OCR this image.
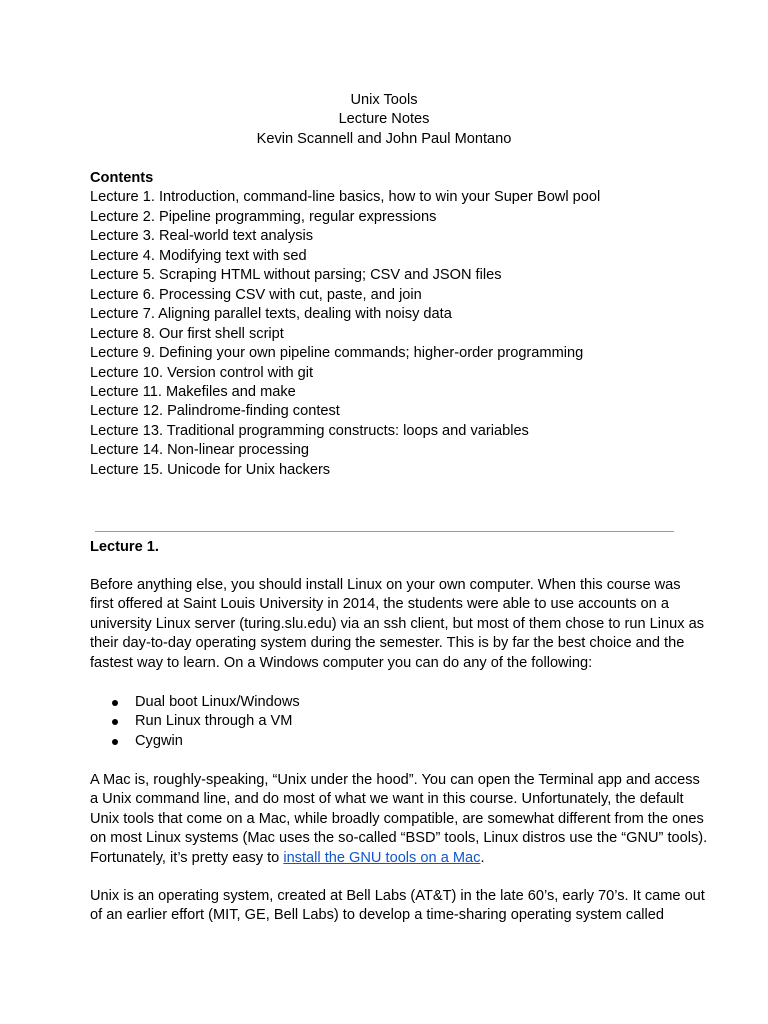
Unix Tools
Lecture Notes
Kevin Scannell and John Paul Montano
Contents
Lecture 1. Introduction, command-line basics, how to win your Super Bowl pool
Lecture 2. Pipeline programming, regular expressions
Lecture 3. Real-world text analysis
Lecture 4. Modifying text with sed
Lecture 5. Scraping HTML without parsing; CSV and JSON files
Lecture 6. Processing CSV with cut, paste, and join
Lecture 7. Aligning parallel texts, dealing with noisy data
Lecture 8. Our first shell script
Lecture 9. Defining your own pipeline commands; higher-order programming
Lecture 10. Version control with git
Lecture 11. Makefiles and make
Lecture 12. Palindrome-finding contest
Lecture 13. Traditional programming constructs: loops and variables
Lecture 14. Non-linear processing
Lecture 15. Unicode for Unix hackers
Lecture 1.
Before anything else, you should install Linux on your own computer. When this course was
first offered at Saint Louis University in 2014, the students were able to use accounts on a
university Linux server (turing.slu.edu) via an ssh client, but most of them chose to run Linux as
their day-to-day operating system during the semester. This is by far the best choice and the
fastest way to learn. On a Windows computer you can do any of the following:
Dual boot Linux/Windows
Run Linux through a VM
Cygwin
A Mac is, roughly-speaking, “Unix under the hood”. You can open the Terminal app and access
a Unix command line, and do most of what we want in this course. Unfortunately, the default
Unix tools that come on a Mac, while broadly compatible, are somewhat different from the ones
on most Linux systems (Mac uses the so-called “BSD” tools, Linux distros use the “GNU” tools).
Fortunately, it’s pretty easy to install the GNU tools on a Mac.
Unix is an operating system, created at Bell Labs (AT&T) in the late 60’s, early 70’s. It came out
of an earlier effort (MIT, GE, Bell Labs) to develop a time-sharing operating system called
